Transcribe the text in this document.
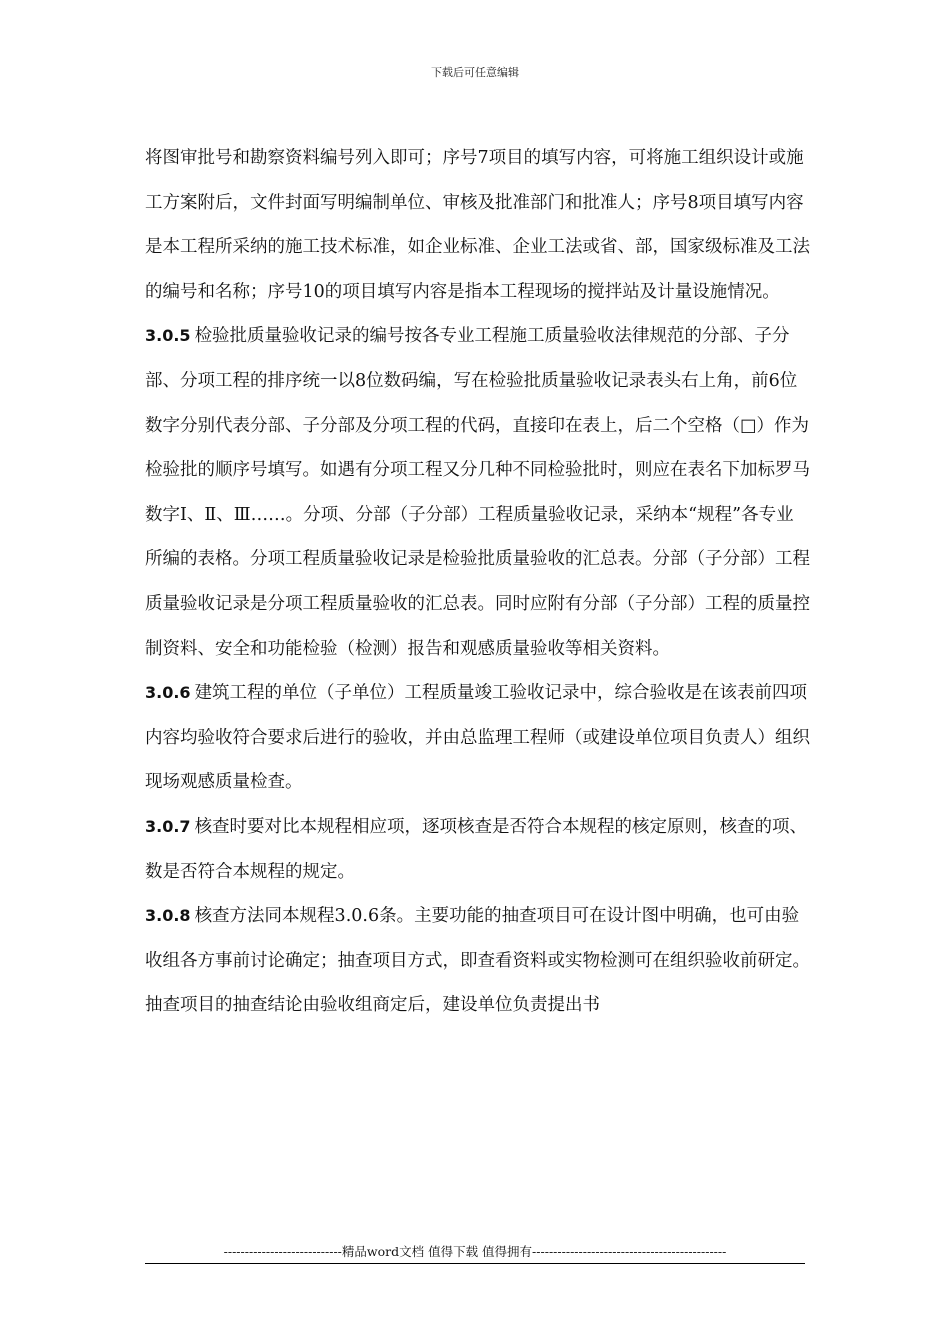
下载后可任意编辑

将图审批号和勘察资料编号列入即可；序号7项目的填写内容，可将施工组织设计或施工方案附后，文件封面写明编制单位、审核及批准部门和批准人；序号8项目填写内容是本工程所采纳的施工技术标准，如企业标准、企业工法或省、部，国家级标准及工法的编号和名称；序号10的项目填写内容是指本工程现场的搅拌站及计量设施情况。

3.0.5 检验批质量验收记录的编号按各专业工程施工质量验收法律规范的分部、子分部、分项工程的排序统一以8位数码编，写在检验批质量验收记录表头右上角，前6位数字分别代表分部、子分部及分项工程的代码，直接印在表上，后二个空格（□）作为检验批的顺序号填写。如遇有分项工程又分几种不同检验批时，则应在表名下加标罗马数字Ⅰ、Ⅱ、Ⅲ……。分项、分部（子分部）工程质量验收记录，采纳本“规程”各专业所编的表格。分项工程质量验收记录是检验批质量验收的汇总表。分部（子分部）工程质量验收记录是分项工程质量验收的汇总表。同时应附有分部（子分部）工程的质量控制资料、安全和功能检验（检测）报告和观感质量验收等相关资料。

3.0.6 建筑工程的单位（子单位）工程质量竣工验收记录中，综合验收是在该表前四项内容均验收符合要求后进行的验收，并由总监理工程师（或建设单位项目负责人）组织现场观感质量检查。

3.0.7 核查时要对比本规程相应项，逐项核查是否符合本规程的核定原则，核查的项、数是否符合本规程的规定。

3.0.8 核查方法同本规程3.0.6条。主要功能的抽查项目可在设计图中明确，也可由验收组各方事前讨论确定；抽查项目方式，即查看资料或实物检测可在组织验收前研定。抽查项目的抽查结论由验收组商定后，建设单位负责提出书

----------------------------精品word文档 值得下载 值得拥有----------------------------------------------
